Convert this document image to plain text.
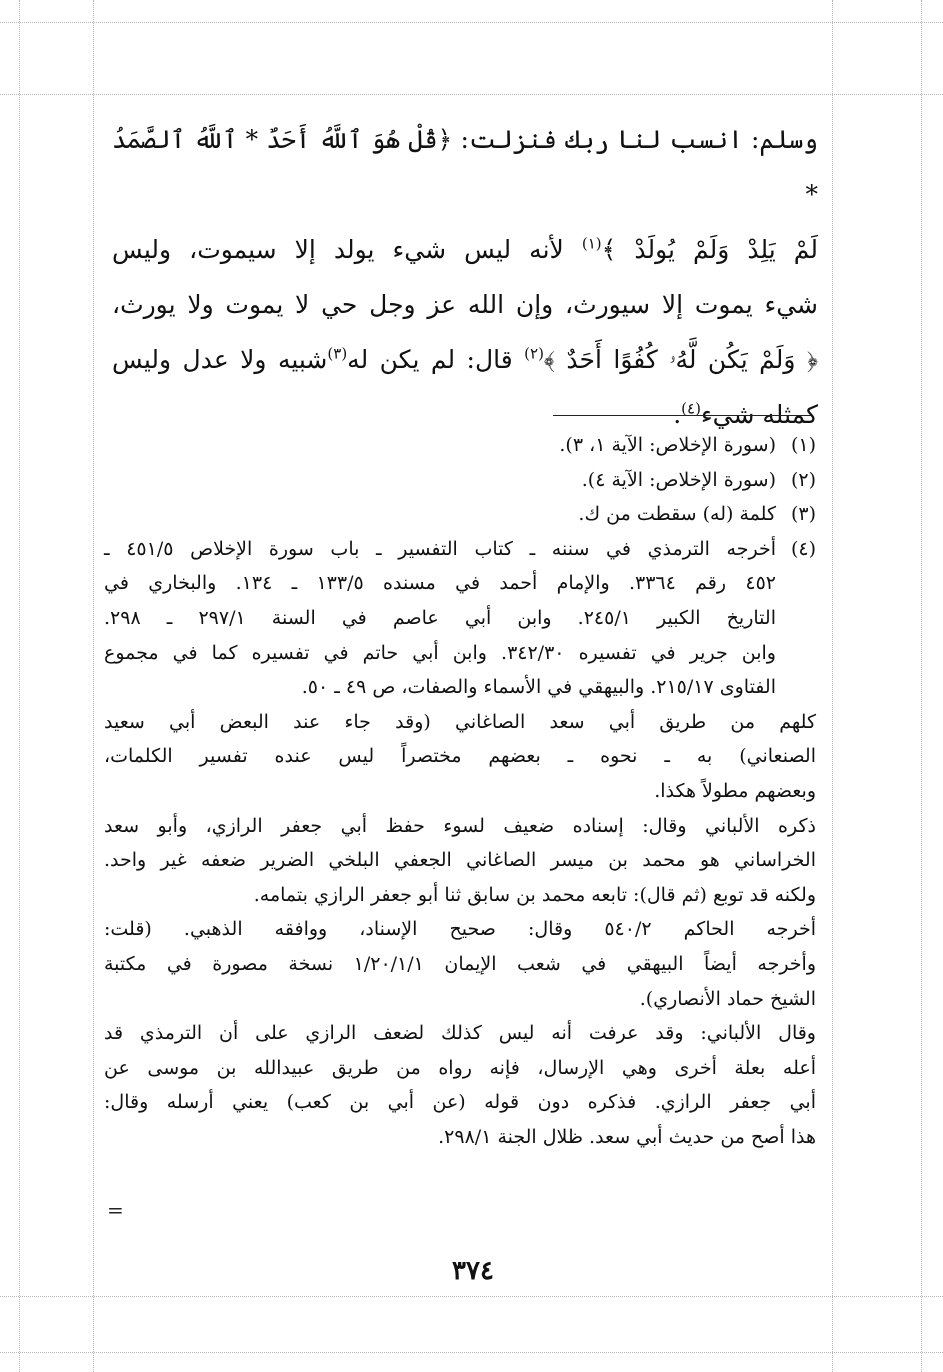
وسلم: انسب لنا ربك فنزلت: ﴿قُلْ هُوَ ٱللَّهُ أَحَدٌ * ٱللَّهُ ٱلصَّمَدُ *

لَمْ يَلِدْ وَلَمْ يُولَدْ ﴾$^{(١)}$ لأنه ليس شيء يولد إلا سيموت، وليس

شيء يموت إلا سيورث، وإن الله عز وجل حي لا يموت ولا يورث،

﴿ وَلَمْ يَكُن لَّهُۥ كُفُوًا أَحَدٌ ﴾$^{(٢)}$ قال: لم يكن له$^{(٣)}$شبيه ولا عدل وليس

كمثله شيء$^{(٤)}$.

(١)
(سورة الإخلاص: الآية ١، ٣).
(٢)
(سورة الإخلاص: الآية ٤).
(٣)
كلمة (له) سقطت من ك.
(٤)
أخرجه الترمذي في سننه ـ كتاب التفسير ـ باب سورة الإخلاص ٤٥١/٥ ـ
٤٥٢ رقم ٣٣٦٤. والإمام أحمد في مسنده ١٣٣/٥ ـ ١٣٤. والبخاري في
التاريخ الكبير ٢٤٥/١. وابن أبي عاصم في السنة ٢٩٧/١ ـ ٢٩٨.
وابن جرير في تفسيره ٣٤٢/٣٠. وابن أبي حاتم في تفسيره كما في مجموع
الفتاوى ٢١٥/١٧. والبيهقي في الأسماء والصفات، ص ٤٩ ـ ٥٠.
كلهم من طريق أبي سعد الصاغاني (وقد جاء عند البعض أبي سعيد
الصنعاني) به ـ نحوه ـ بعضهم مختصراً ليس عنده تفسير الكلمات،
وبعضهم مطولاً هكذا.
ذكره الألباني وقال: إسناده ضعيف لسوء حفظ أبي جعفر الرازي، وأبو سعد
الخراساني هو محمد بن ميسر الصاغاني الجعفي البلخي الضرير ضعفه غير واحد.
ولكنه قد توبع (ثم قال): تابعه محمد بن سابق ثنا أبو جعفر الرازي بتمامه.
أخرجه الحاكم ٥٤٠/٢ وقال: صحيح الإسناد، ووافقه الذهبي. (قلت:
وأخرجه أيضاً البيهقي في شعب الإيمان ١/٢٠/١/١ نسخة مصورة في مكتبة
الشيخ حماد الأنصاري).
وقال الألباني: وقد عرفت أنه ليس كذلك لضعف الرازي على أن الترمذي قد
أعله بعلة أخرى وهي الإرسال، فإنه رواه من طريق عبيدالله بن موسى عن
أبي جعفر الرازي. فذكره دون قوله (عن أبي بن كعب) يعني أرسله وقال:
هذا أصح من حديث أبي سعد. ظلال الجنة ٢٩٨/١.
=
٣٧٤
